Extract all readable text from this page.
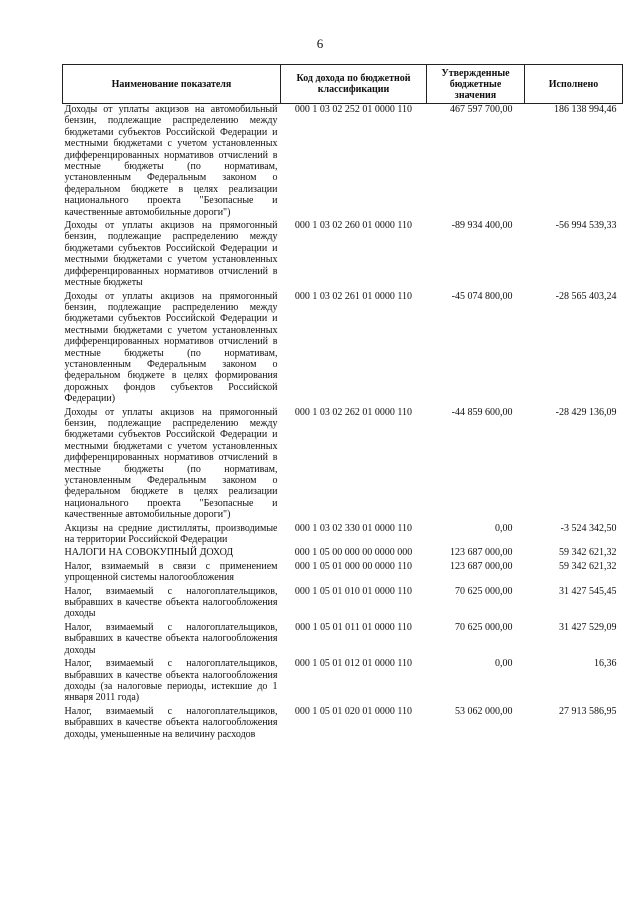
6
Наименование показателя	Код дохода по бюджетной классификации	Утвержденные бюджетные значения	Исполнено
Доходы от уплаты акцизов на автомобильный бензин, подлежащие распределению между бюджетами субъектов Российской Федерации и местными бюджетами с учетом установленных дифференцированных нормативов отчислений в местные бюджеты (по нормативам, установленным Федеральным законом о федеральном бюджете в целях реализации национального проекта "Безопасные и качественные автомобильные дороги")	000 1 03 02 252 01 0000 110	467 597 700,00	186 138 994,46
Доходы от уплаты акцизов на прямогонный бензин, подлежащие распределению между бюджетами субъектов Российской Федерации и местными бюджетами с учетом установленных дифференцированных нормативов отчислений в местные бюджеты	000 1 03 02 260 01 0000 110	-89 934 400,00	-56 994 539,33
Доходы от уплаты акцизов на прямогонный бензин, подлежащие распределению между бюджетами субъектов Российской Федерации и местными бюджетами с учетом установленных дифференцированных нормативов отчислений в местные бюджеты (по нормативам, установленным Федеральным законом о федеральном бюджете в целях формирования дорожных фондов субъектов Российской Федерации)	000 1 03 02 261 01 0000 110	-45 074 800,00	-28 565 403,24
Доходы от уплаты акцизов на прямогонный бензин, подлежащие распределению между бюджетами субъектов Российской Федерации и местными бюджетами с учетом установленных дифференцированных нормативов отчислений в местные бюджеты (по нормативам, установленным Федеральным законом о федеральном бюджете в целях реализации национального проекта "Безопасные и качественные автомобильные дороги")	000 1 03 02 262 01 0000 110	-44 859 600,00	-28 429 136,09
Акцизы на средние дистилляты, производимые на территории Российской Федерации	000 1 03 02 330 01 0000 110	0,00	-3 524 342,50
НАЛОГИ НА СОВОКУПНЫЙ ДОХОД	000 1 05 00 000 00 0000 000	123 687 000,00	59 342 621,32
Налог, взимаемый в связи с применением упрощенной системы налогообложения	000 1 05 01 000 00 0000 110	123 687 000,00	59 342 621,32
Налог, взимаемый с налогоплательщиков, выбравших в качестве объекта налогообложения доходы	000 1 05 01 010 01 0000 110	70 625 000,00	31 427 545,45
Налог, взимаемый с налогоплательщиков, выбравших в качестве объекта налогообложения доходы	000 1 05 01 011 01 0000 110	70 625 000,00	31 427 529,09
Налог, взимаемый с налогоплательщиков, выбравших в качестве объекта налогообложения доходы (за налоговые периоды, истекшие до 1 января 2011 года)	000 1 05 01 012 01 0000 110	0,00	16,36
Налог, взимаемый с налогоплательщиков, выбравших в качестве объекта налогообложения доходы, уменьшенные на величину расходов	000 1 05 01 020 01 0000 110	53 062 000,00	27 913 586,95
